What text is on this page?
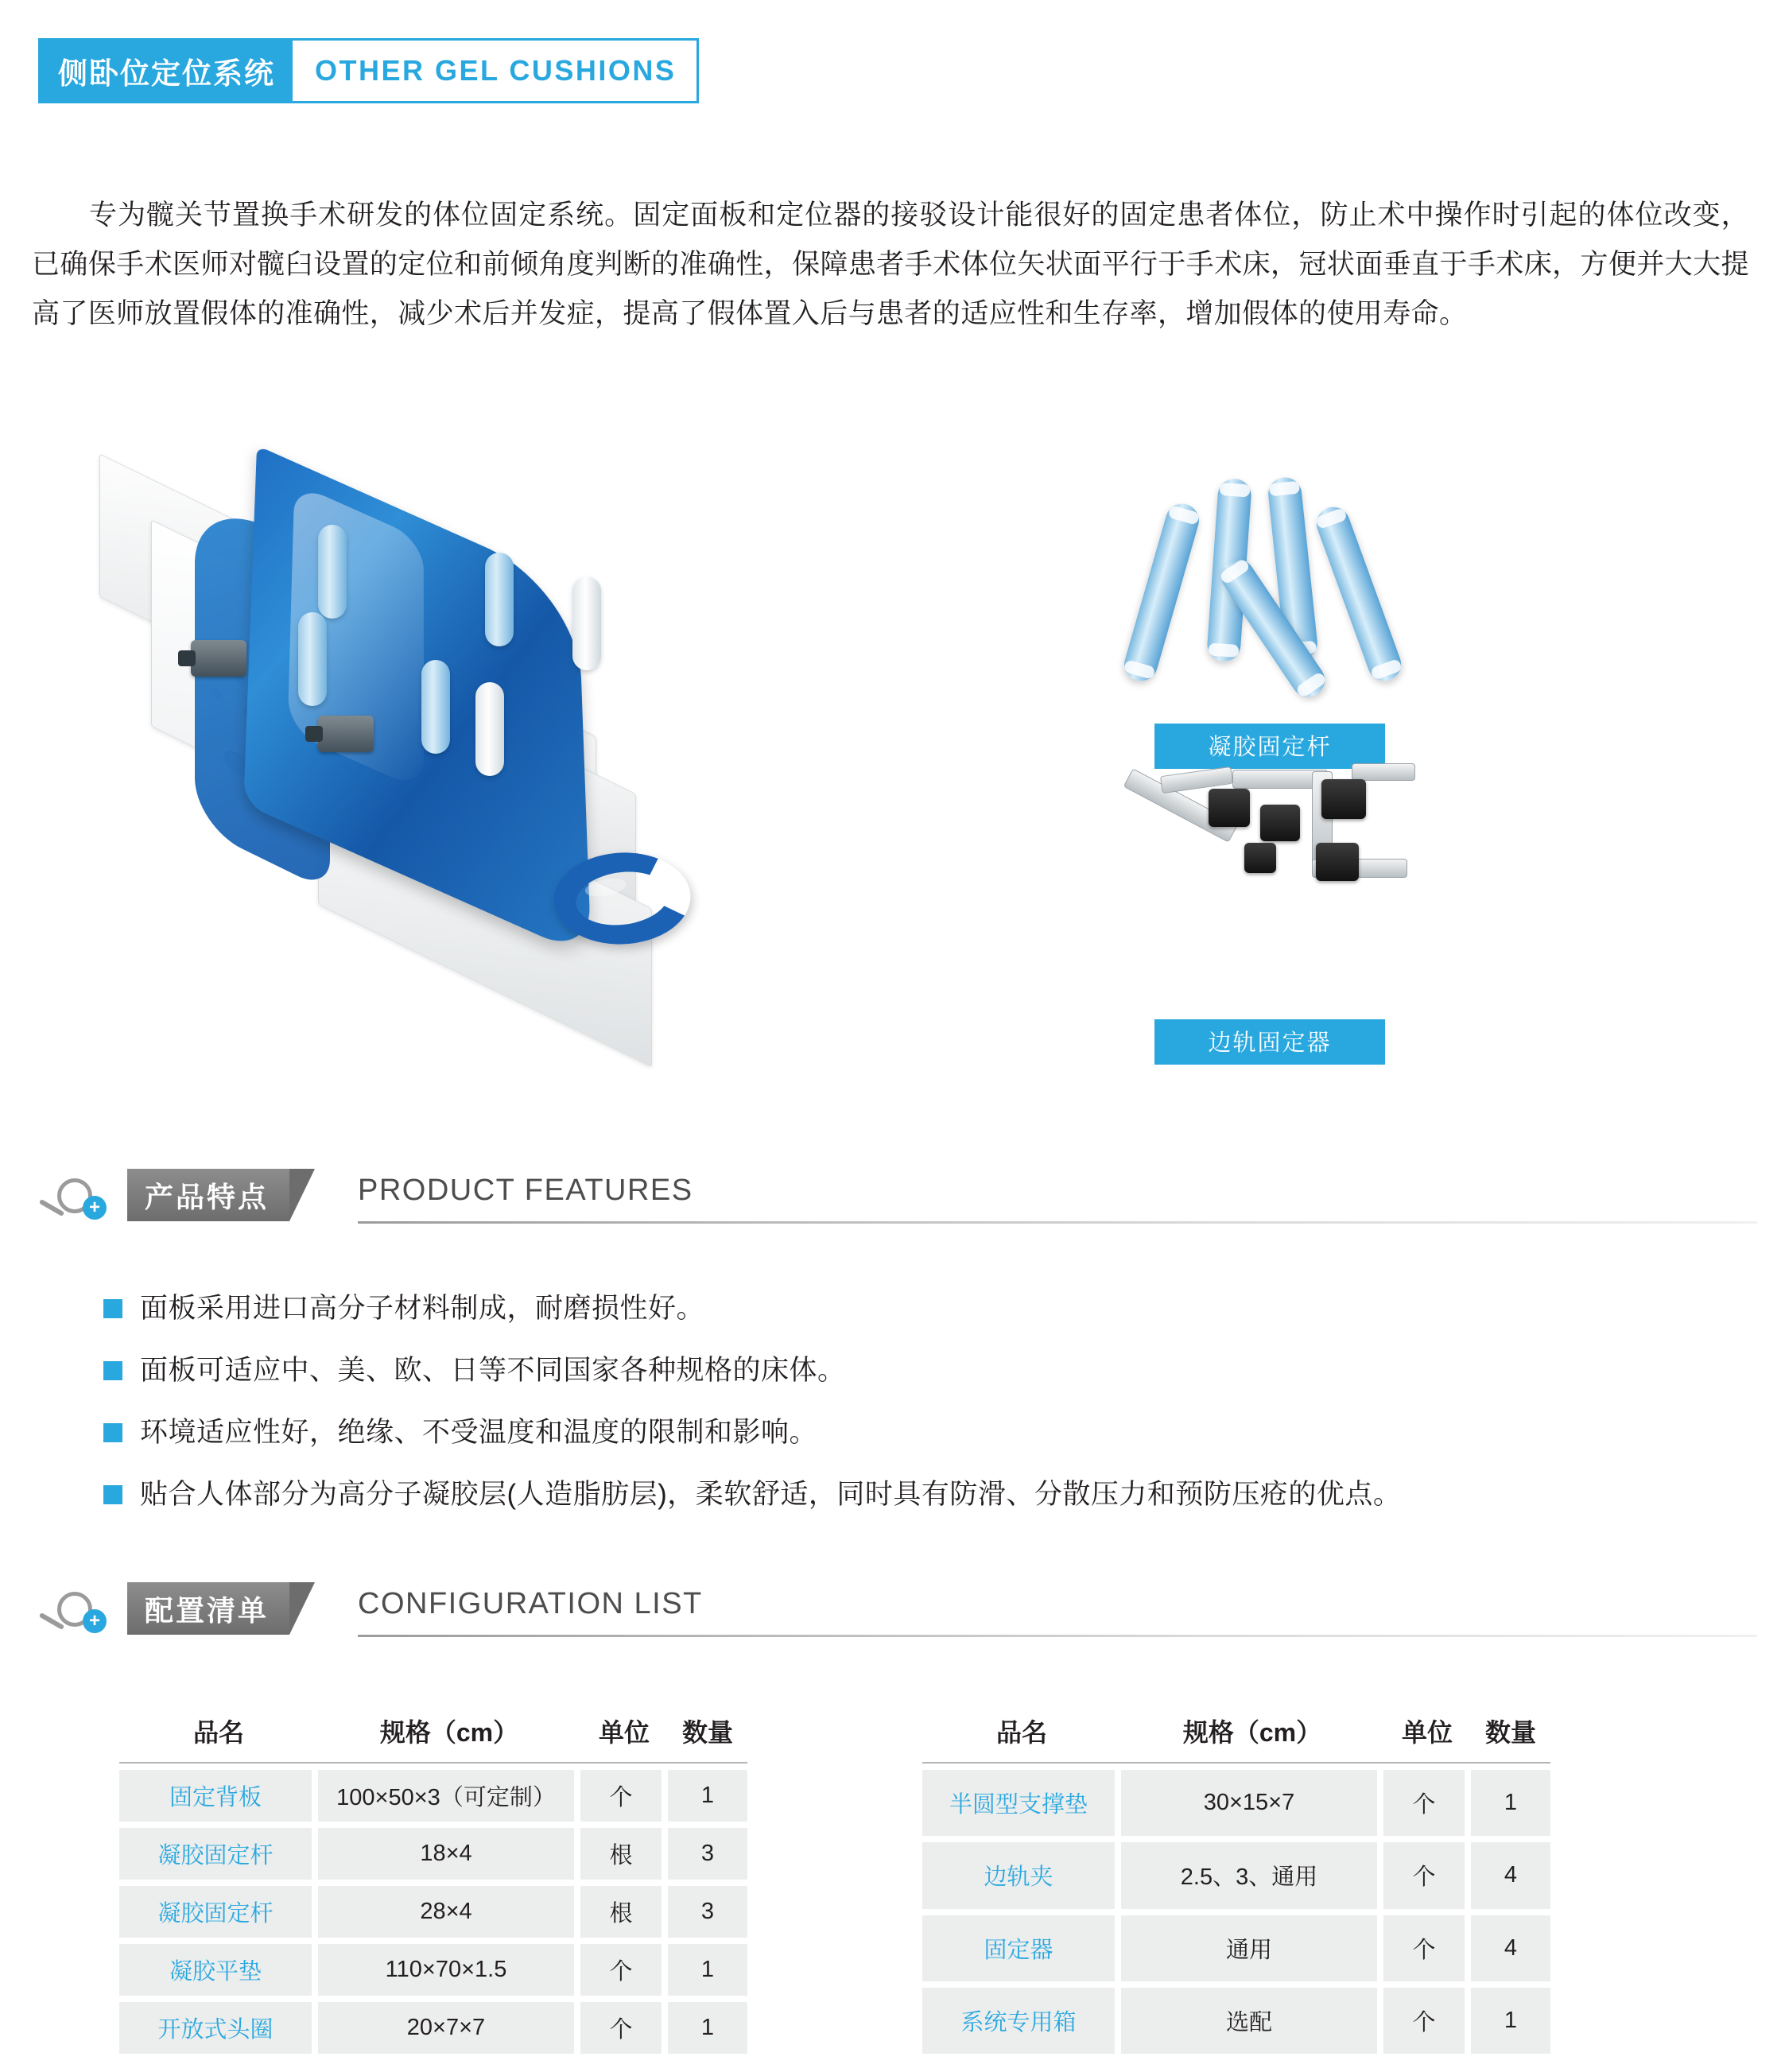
侧卧位定位系统	OTHER GEL CUSHIONS
专为髋关节置换手术研发的体位固定系统。固定面板和定位器的接驳设计能很好的固定患者体位，防止术中操作时引起的体位改变，已确保手术医师对髋臼设置的定位和前倾角度判断的准确性，保障患者手术体位矢状面平行于手术床，冠状面垂直于手术床，方便并大大提高了医师放置假体的准确性，减少术后并发症，提高了假体置入后与患者的适应性和生存率，增加假体的使用寿命。
凝胶固定杆
边轨固定器
+	产品特点	PRODUCT FEATURES
面板采用进口高分子材料制成，耐磨损性好。
面板可适应中、美、欧、日等不同国家各种规格的床体。
环境适应性好，绝缘、不受温度和温度的限制和影响。
贴合人体部分为高分子凝胶层(人造脂肪层)，柔软舒适，同时具有防滑、分散压力和预防压疮的优点。
+	配置清单	CONFIGURATION LIST
品名	规格（cm）	单位	数量
固定背板	100×50×3（可定制）	个	1
凝胶固定杆	18×4	根	3
凝胶固定杆	28×4	根	3
凝胶平垫	110×70×1.5	个	1
开放式头圈	20×7×7	个	1
品名	规格（cm）	单位	数量
半圆型支撑垫	30×15×7	个	1
边轨夹	2.5、3、通用	个	4
固定器	通用	个	4
系统专用箱	选配	个	1
